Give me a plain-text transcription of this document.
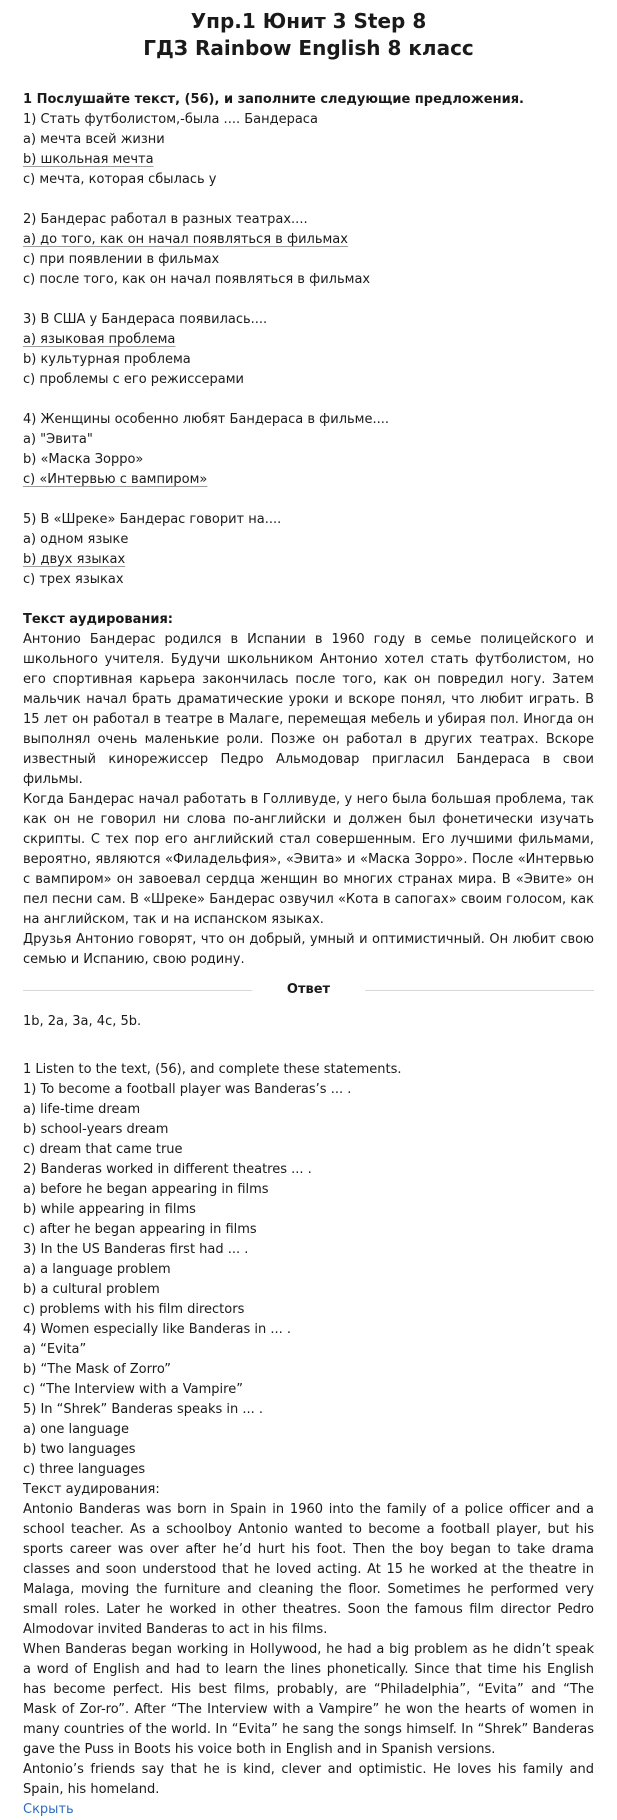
Упр.1 Юнит 3 Step 8
ГДЗ Rainbow English 8 класс
1 Послушайте текст, (56), и заполните следующие предложения.
1) Стать футболистом,-была .... Бандераса
a) мечта всей жизни
b) школьная мечта
c) мечта, которая сбылась у
2) Бандерас работал в разных театрах....
a) до того, как он начал появляться в фильмах
c) при появлении в фильмах
c) после того, как он начал появляться в фильмах
3) В США у Бандераса появилась....
a) языковая проблема
b) культурная проблема
c) проблемы с его режиссерами
4) Женщины особенно любят Бандераса в фильме....
a) "Эвита"
b) «Маска Зорро»
c) «Интервью с вампиром»
5) В «Шреке» Бандерас говорит на....
a) одном языке
b) двух языках
c) трех языках
Текст аудирования:

Антонио Бандерас родился в Испании в 1960 году в семье полицейского и школьного учителя. Будучи школьником Антонио хотел стать футболистом, но его спортивная карьера закончилась после того, как он повредил ногу. Затем мальчик начал брать драматические уроки и вскоре понял, что любит играть. В 15 лет он работал в театре в Малаге, перемещая мебель и убирая пол. Иногда он выполнял очень маленькие роли. Позже он работал в других театрах. Вскоре известный кинорежиссер Педро Альмодовар пригласил Бандераса в свои фильмы.

Когда Бандерас начал работать в Голливуде, у него была большая проблема, так как он не говорил ни слова по-английски и должен был фонетически изучать скрипты. С тех пор его английский стал совершенным. Его лучшими фильмами, вероятно, являются «Филадельфия», «Эвита» и «Маска Зорро». После «Интервью с вампиром» он завоевал сердца женщин во многих странах мира. В «Эвите» он пел песни сам. В «Шреке» Бандерас озвучил «Кота в сапогах» своим голосом, как на английском, так и на испанском языках.

Друзья Антонио говорят, что он добрый, умный и оптимистичный. Он любит свою семью и Испанию, свою родину.

Ответ
1b, 2a, 3a, 4c, 5b.
1 Listen to the text, (56), and complete these statements.
1) To become a football player was Banderas’s ... .
a) life-time dream
b) school-years dream
c) dream that came true
2) Banderas worked in different theatres ... .
a) before he began appearing in films
b) while appearing in films
c) after he began appearing in films
3) In the US Banderas first had ... .
a) a language problem
b) a cultural problem
c) problems with his film directors
4) Women especially like Banderas in ... .
a) “Evita”
b) “The Mask of Zorro”
c) “The Interview with a Vampire”
5) In “Shrek” Banderas speaks in ... .
a) one language
b) two languages
c) three languages
Текст аудирования:

Antonio Banderas was born in Spain in 1960 into the family of a police officer and a school teacher. As a schoolboy Antonio wanted to become a football player, but his sports career was over after he’d hurt his foot. Then the boy began to take drama classes and soon understood that he loved acting. At 15 he worked at the theatre in Malaga, moving the furniture and cleaning the floor. Sometimes he performed very small roles. Later he worked in other theatres. Soon the famous film director Pedro Almodovar invited Banderas to act in his films.

When Banderas began working in Hollywood, he had a big problem as he didn’t speak a word of English and had to learn the lines phonetically. Since that time his English has become perfect. His best films, probably, are “Philadelphia”, “Evita” and “The Mask of Zor-ro”. After “The Interview with a Vampire” he won the hearts of women in many countries of the world. In “Evita” he sang the songs himself. In “Shrek” Banderas gave the Puss in Boots his voice both in English and in Spanish versions.

Antonio’s friends say that he is kind, clever and optimistic. He loves his family and Spain, his homeland.

Скрыть
